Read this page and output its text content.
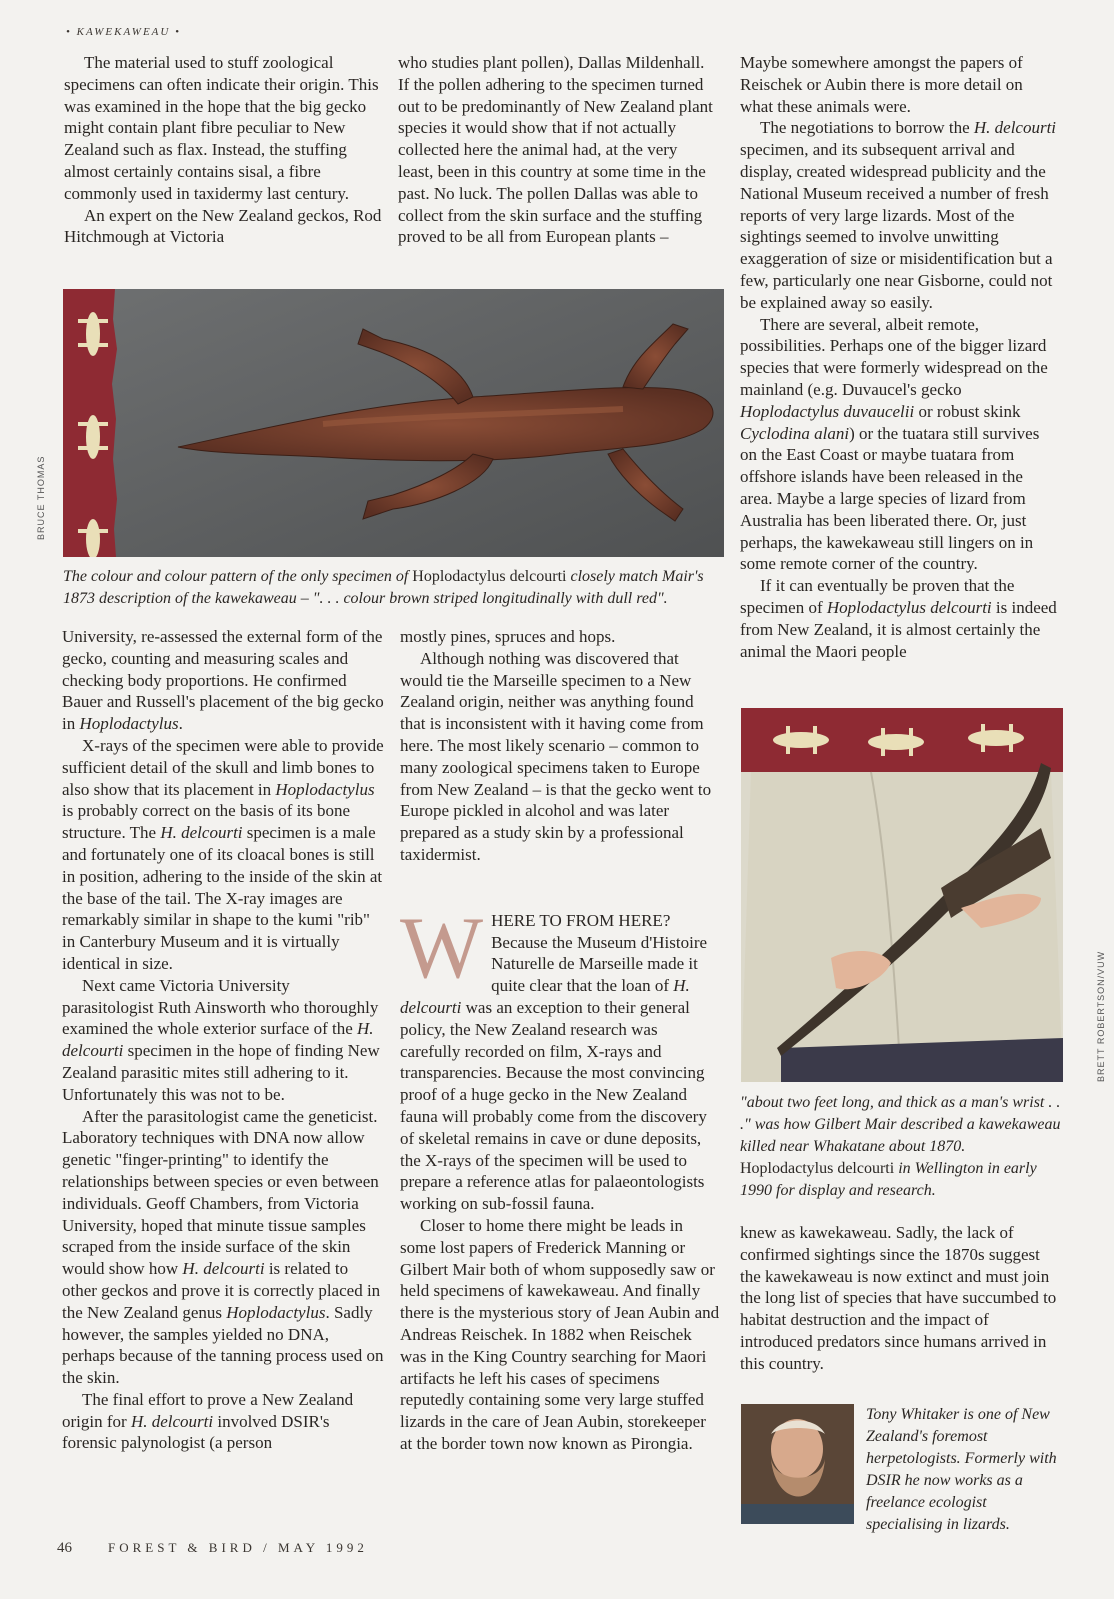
• KAWEKAWEAU •

The material used to stuff zoological specimens can often indicate their origin. This was examined in the hope that the big gecko might contain plant fibre peculiar to New Zealand such as flax. Instead, the stuffing almost certainly contains sisal, a fibre commonly used in taxidermy last century.

An expert on the New Zealand geckos, Rod Hitchmough at Victoria

who studies plant pollen), Dallas Mildenhall. If the pollen adhering to the specimen turned out to be predominantly of New Zealand plant species it would show that if not actually collected here the animal had, at the very least, been in this country at some time in the past. No luck. The pollen Dallas was able to collect from the skin surface and the stuffing proved to be all from European plants –

Maybe somewhere amongst the papers of Reischek or Aubin there is more detail on what these animals were.

The negotiations to borrow the H. delcourti specimen, and its subsequent arrival and display, created widespread publicity and the National Museum received a number of fresh reports of very large lizards. Most of the sightings seemed to involve unwitting exaggeration of size or misidentification but a few, particularly one near Gisborne, could not be explained away so easily.

There are several, albeit remote, possibilities. Perhaps one of the bigger lizard species that were formerly widespread on the mainland (e.g. Duvaucel's gecko Hoplodactylus duvaucelii or robust skink Cyclodina alani) or the tuatara still survives on the East Coast or maybe tuatara from offshore islands have been released in the area. Maybe a large species of lizard from Australia has been liberated there. Or, just perhaps, the kawekaweau still lingers on in some remote corner of the country.

If it can eventually be proven that the specimen of Hoplodactylus delcourti is indeed from New Zealand, it is almost certainly the animal the Maori people

BRUCE THOMAS
The colour and colour pattern of the only specimen of Hoplodactylus delcourti closely match Mair's 1873 description of the kawekaweau – ". . . colour brown striped longitudinally with dull red".

University, re-assessed the external form of the gecko, counting and measuring scales and checking body proportions. He confirmed Bauer and Russell's placement of the big gecko in Hoplodactylus.

X-rays of the specimen were able to provide sufficient detail of the skull and limb bones to also show that its placement in Hoplodactylus is probably correct on the basis of its bone structure. The H. delcourti specimen is a male and fortunately one of its cloacal bones is still in position, adhering to the inside of the skin at the base of the tail. The X-ray images are remarkably similar in shape to the kumi "rib" in Canterbury Museum and it is virtually identical in size.

Next came Victoria University parasitologist Ruth Ainsworth who thoroughly examined the whole exterior surface of the H. delcourti specimen in the hope of finding New Zealand parasitic mites still adhering to it. Unfortunately this was not to be.

After the parasitologist came the geneticist. Laboratory techniques with DNA now allow genetic "finger-printing" to identify the relationships between species or even between individuals. Geoff Chambers, from Victoria University, hoped that minute tissue samples scraped from the inside surface of the skin would show how H. delcourti is related to other geckos and prove it is correctly placed in the New Zealand genus Hoplodactylus. Sadly however, the samples yielded no DNA, perhaps because of the tanning process used on the skin.

The final effort to prove a New Zealand origin for H. delcourti involved DSIR's forensic palynologist (a person

mostly pines, spruces and hops.

Although nothing was discovered that would tie the Marseille specimen to a New Zealand origin, neither was anything found that is inconsistent with it having come from here. The most likely scenario – common to many zoological specimens taken to Europe from New Zealand – is that the gecko went to Europe pickled in alcohol and was later prepared as a study skin by a professional taxidermist.

W HERE TO FROM HERE?

Because the Museum d'Histoire Naturelle de Marseille made it quite clear that the loan of H. delcourti was an exception to their general policy, the New Zealand research was carefully recorded on film, X-rays and transparencies. Because the most convincing proof of a huge gecko in the New Zealand fauna will probably come from the discovery of skeletal remains in cave or dune deposits, the X-rays of the specimen will be used to prepare a reference atlas for palaeontologists working on sub-fossil fauna.

Closer to home there might be leads in some lost papers of Frederick Manning or Gilbert Mair both of whom supposedly saw or held specimens of kawekaweau. And finally there is the mysterious story of Jean Aubin and Andreas Reischek. In 1882 when Reischek was in the King Country searching for Maori artifacts he left his cases of specimens reputedly containing some very large stuffed lizards in the care of Jean Aubin, storekeeper at the border town now known as Pirongia.

BRETT ROBERTSON/VUW
"about two feet long, and thick as a man's wrist . . ." was how Gilbert Mair described a kawekaweau killed near Whakatane about 1870. Hoplodactylus delcourti in Wellington in early 1990 for display and research.

knew as kawekaweau. Sadly, the lack of confirmed sightings since the 1870s suggest the kawekaweau is now extinct and must join the long list of species that have succumbed to habitat destruction and the impact of introduced predators since humans arrived in this country.

Tony Whitaker is one of New Zealand's foremost herpetologists. Formerly with DSIR he now works as a freelance ecologist specialising in lizards.
46	FOREST & BIRD / MAY 1992
